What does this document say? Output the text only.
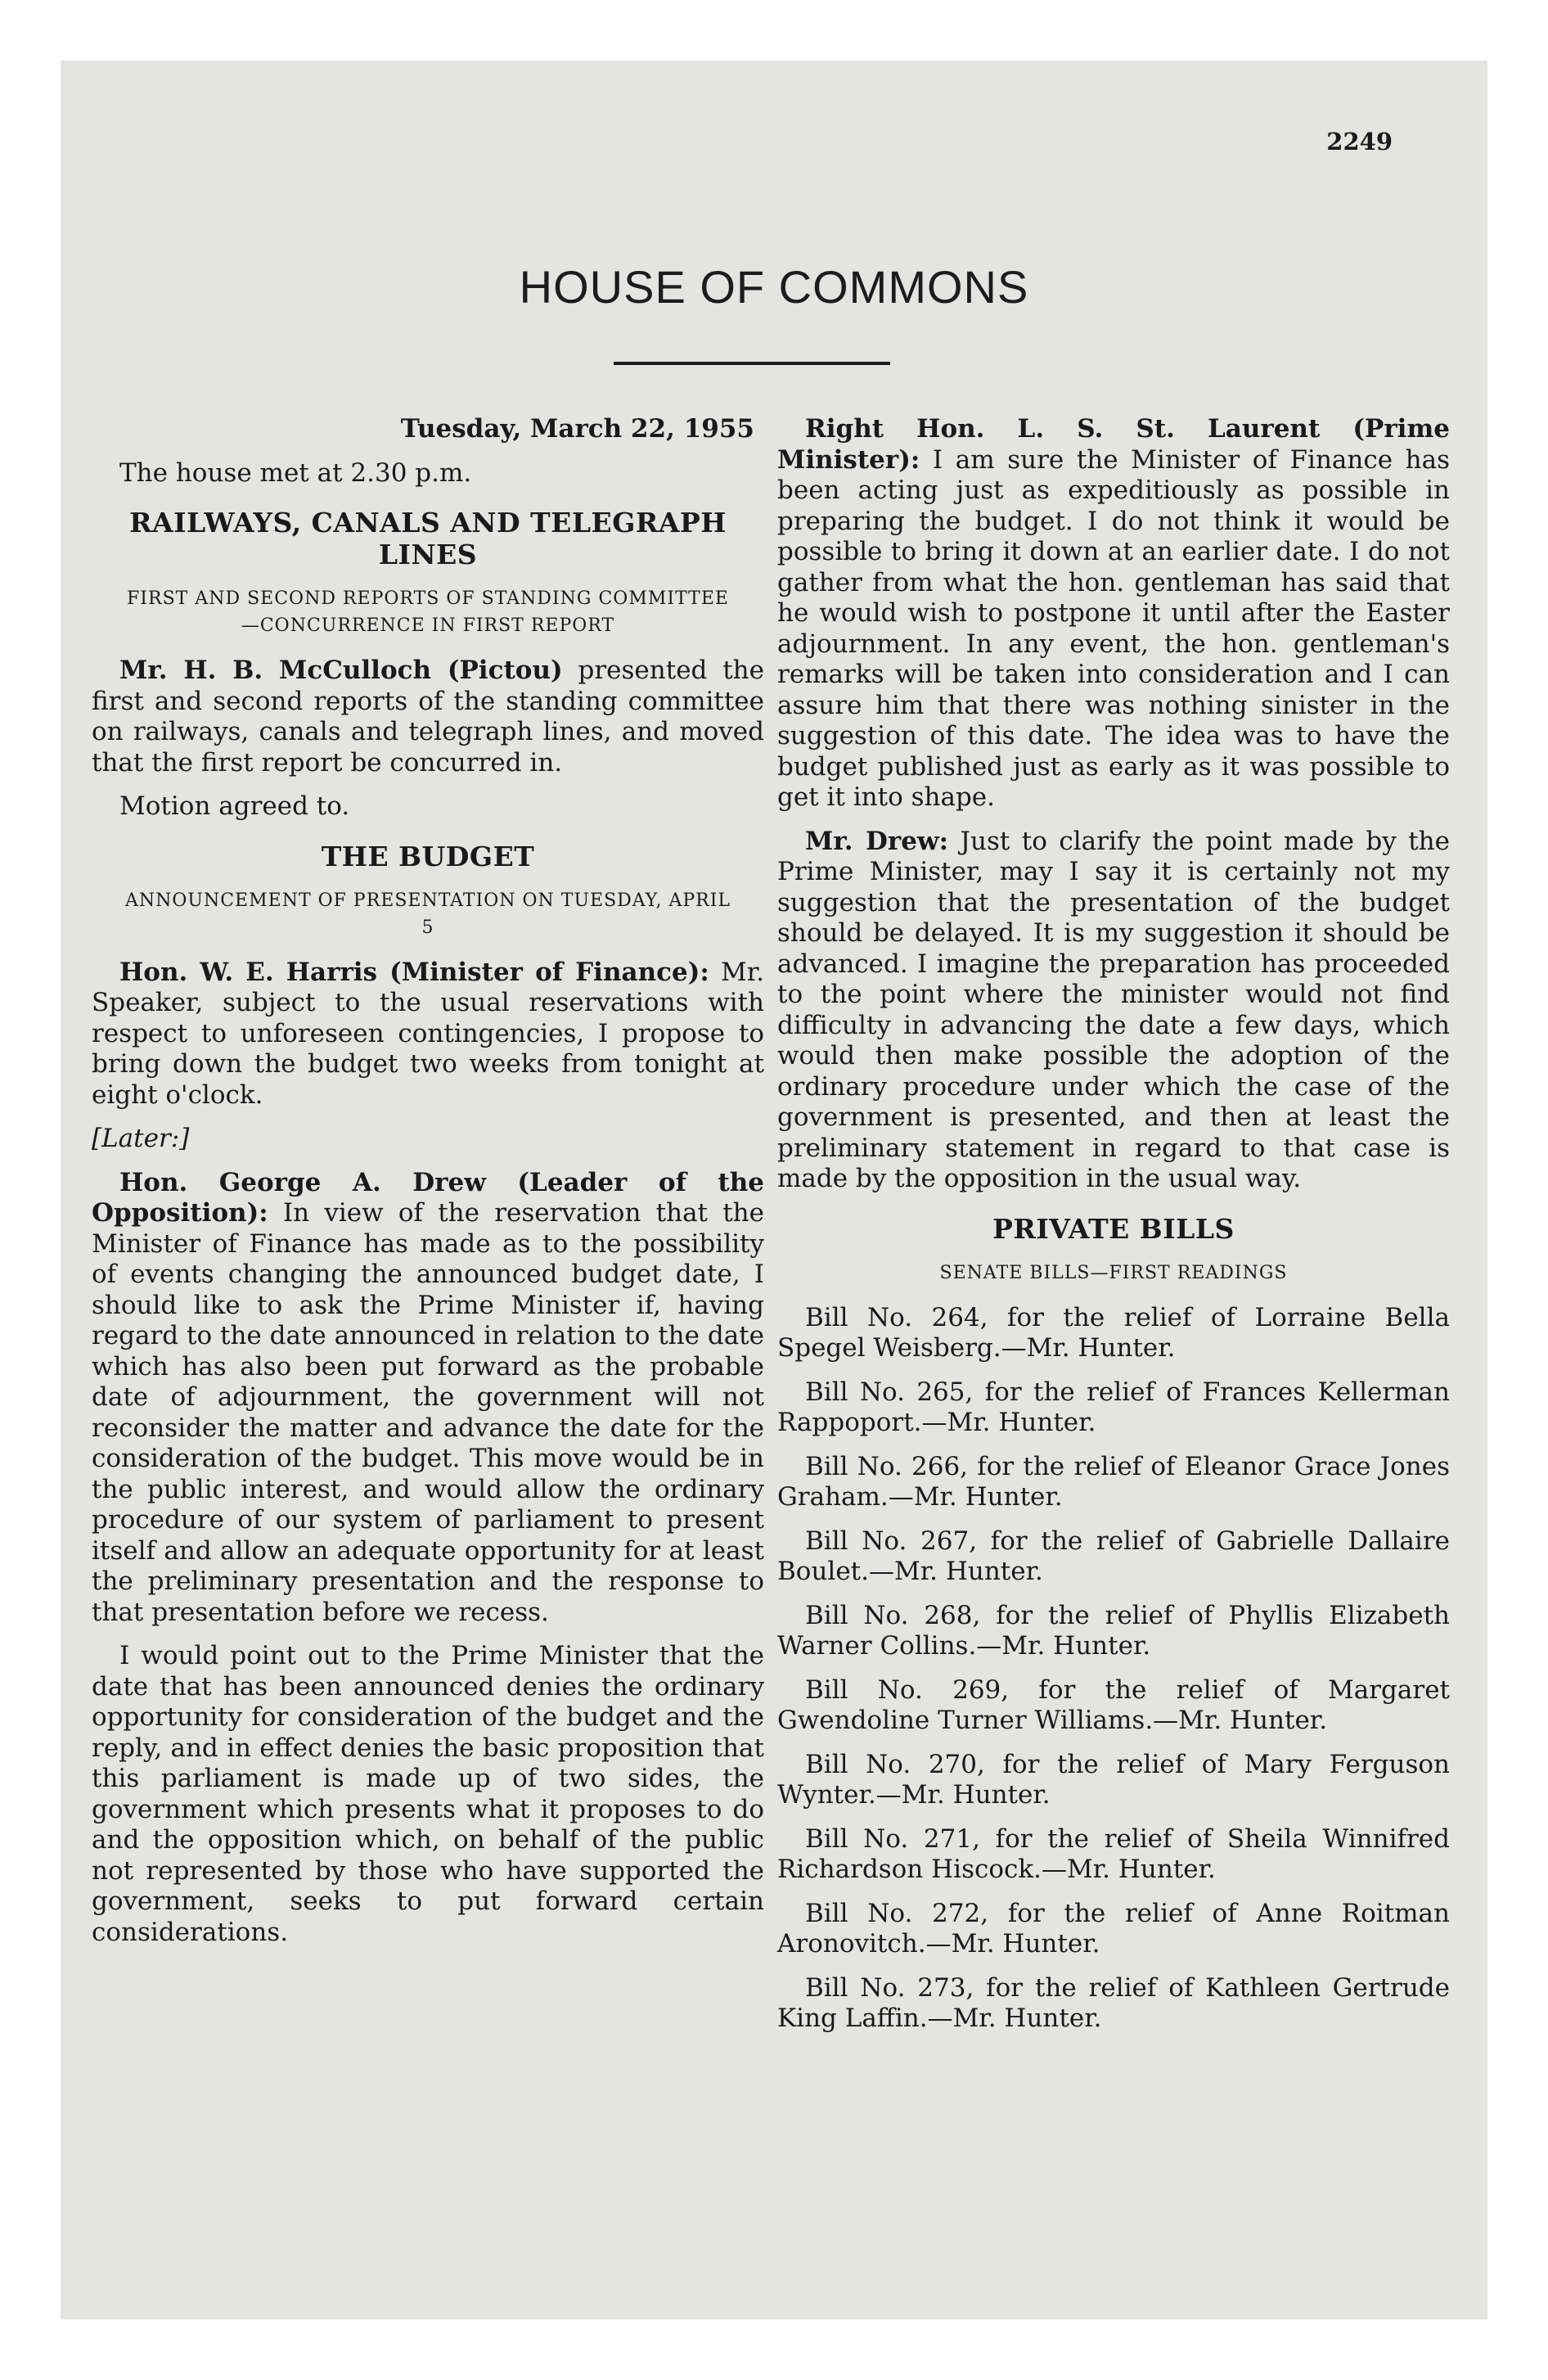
2249
HOUSE OF COMMONS

Tuesday, March 22, 1955

The house met at 2.30 p.m.

RAILWAYS, CANALS AND TELEGRAPH LINES
FIRST AND SECOND REPORTS OF STANDING COMMITTEE—CONCURRENCE IN FIRST REPORT

Mr. H. B. McCulloch (Pictou) presented the first and second reports of the standing committee on railways, canals and telegraph lines, and moved that the first report be concurred in.

Motion agreed to.

THE BUDGET
ANNOUNCEMENT OF PRESENTATION ON TUESDAY, APRIL 5

Hon. W. E. Harris (Minister of Finance): Mr. Speaker, subject to the usual reservations with respect to unforeseen contingencies, I propose to bring down the budget two weeks from tonight at eight o'clock.

[Later:]

Hon. George A. Drew (Leader of the Opposition): In view of the reservation that the Minister of Finance has made as to the possibility of events changing the announced budget date, I should like to ask the Prime Minister if, having regard to the date announced in relation to the date which has also been put forward as the probable date of adjournment, the government will not reconsider the matter and advance the date for the consideration of the budget. This move would be in the public interest, and would allow the ordinary procedure of our system of parliament to present itself and allow an adequate opportunity for at least the preliminary presentation and the response to that presentation before we recess.

I would point out to the Prime Minister that the date that has been announced denies the ordinary opportunity for consideration of the budget and the reply, and in effect denies the basic proposition that this parliament is made up of two sides, the government which presents what it proposes to do and the opposition which, on behalf of the public not represented by those who have supported the government, seeks to put forward certain considerations.

Right Hon. L. S. St. Laurent (Prime Minister): I am sure the Minister of Finance has been acting just as expeditiously as possible in preparing the budget. I do not think it would be possible to bring it down at an earlier date. I do not gather from what the hon. gentleman has said that he would wish to postpone it until after the Easter adjournment. In any event, the hon. gentleman's remarks will be taken into consideration and I can assure him that there was nothing sinister in the suggestion of this date. The idea was to have the budget published just as early as it was possible to get it into shape.

Mr. Drew: Just to clarify the point made by the Prime Minister, may I say it is certainly not my suggestion that the presentation of the budget should be delayed. It is my suggestion it should be advanced. I imagine the preparation has proceeded to the point where the minister would not find difficulty in advancing the date a few days, which would then make possible the adoption of the ordinary procedure under which the case of the government is presented, and then at least the preliminary statement in regard to that case is made by the opposition in the usual way.

PRIVATE BILLS
SENATE BILLS—FIRST READINGS

Bill No. 264, for the relief of Lorraine Bella Spegel Weisberg.—Mr. Hunter.

Bill No. 265, for the relief of Frances Kellerman Rappoport.—Mr. Hunter.

Bill No. 266, for the relief of Eleanor Grace Jones Graham.—Mr. Hunter.

Bill No. 267, for the relief of Gabrielle Dallaire Boulet.—Mr. Hunter.

Bill No. 268, for the relief of Phyllis Elizabeth Warner Collins.—Mr. Hunter.

Bill No. 269, for the relief of Margaret Gwendoline Turner Williams.—Mr. Hunter.

Bill No. 270, for the relief of Mary Ferguson Wynter.—Mr. Hunter.

Bill No. 271, for the relief of Sheila Winnifred Richardson Hiscock.—Mr. Hunter.

Bill No. 272, for the relief of Anne Roitman Aronovitch.—Mr. Hunter.

Bill No. 273, for the relief of Kathleen Gertrude King Laffin.—Mr. Hunter.
